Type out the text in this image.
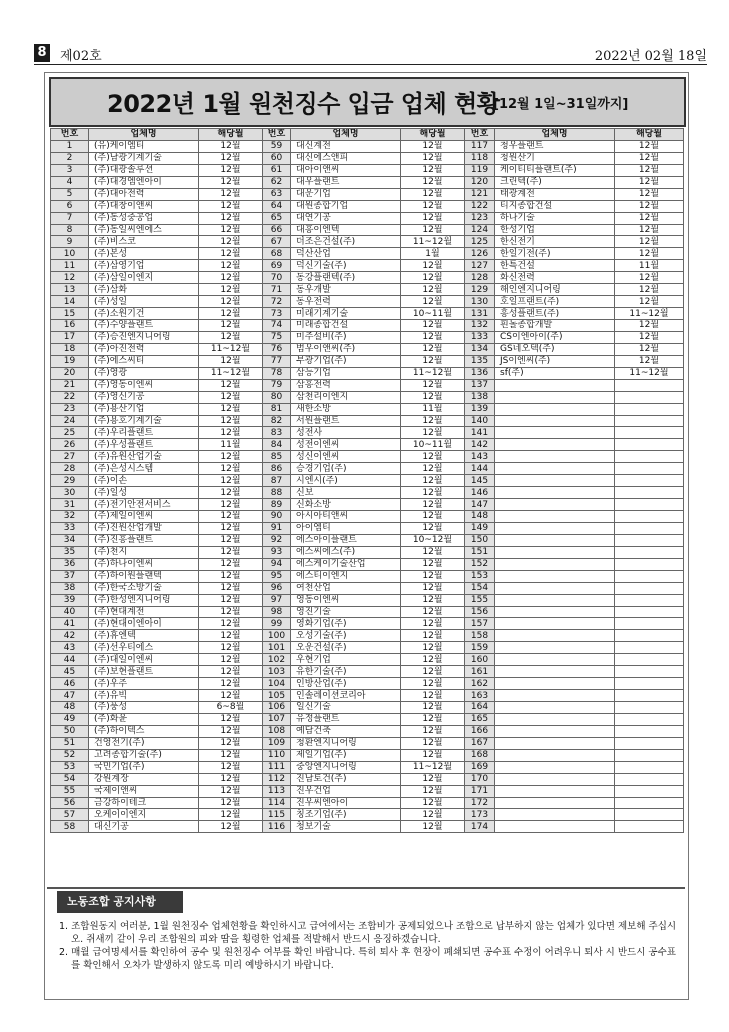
8 제02호	2022년 02월 18일
2022년 1월 원천징수 입금 업체 현황
[12월 1일~31일까지]
번호	업체명	해당월	번호	업체명	해당월	번호	업체명	해당월
1	(유)케이엠티	12월	59	대신계전	12월	117	청우플랜트	12월
2	(주)남광기계기술	12월	60	대신에스앤피	12월	118	청원산기	12월
3	(주)대광솔루션	12월	61	대아이앤씨	12월	119	케이티티플랜트(주)	12월
4	(주)대경엠엔아이	12월	62	대우플랜트	12월	120	크린텍(주)	12월
5	(주)대아전력	12월	63	대운기업	12월	121	태광계전	12월
6	(주)대창이앤씨	12월	64	대원종합기업	12월	122	티지종합건설	12월
7	(주)동성중공업	12월	65	대연기공	12월	123	하나기술	12월
8	(주)동일씨엔에스	12월	66	대흥이엔텍	12월	124	한성기업	12월
9	(주)비스코	12월	67	더조은건설(주)	11~12월	125	한신전기	12월
10	(주)본성	12월	68	덕산산업	1월	126	한일기전(주)	12월
11	(주)삼영기업	12월	69	덕신기술(주)	12월	127	한특건설	11월
12	(주)삼일이엔지	12월	70	동강플랜텍(주)	12월	128	화신전력	12월
13	(주)삼화	12월	71	동우개발	12월	129	해인엔지니어링	12월
14	(주)성일	12월	72	동우전력	12월	130	호일프랜트(주)	12월
15	(주)소원기건	12월	73	미래기계기술	10~11월	131	흥성플랜트(주)	11~12월
16	(주)수양플랜트	12월	74	미래종합건설	12월	132	흰돌종합개발	12월
17	(주)승진엔지니어링	12월	75	미주설비(주)	12월	133	CS이엔아이(주)	12월
18	(주)아진전력	11~12월	76	범우이앤씨(주)	12월	134	GS네오텍(주)	12월
19	(주)에스씨티	12월	77	부광기업(주)	12월	135	JS이엔씨(주)	12월
20	(주)영광	11~12월	78	삼능기업	11~12월	136	sf(주)	11~12월
21	(주)영동이엔씨	12월	79	삼흥전력	12월	137		
22	(주)영신기공	12월	80	삼천리이엔지	12월	138		
23	(주)용산기업	12월	81	새한소방	11월	139		
24	(주)용호기계기술	12월	82	서원플랜트	12월	140		
25	(주)우리플랜트	12월	83	성전사	12월	141		
26	(주)우성플랜트	11월	84	성전이엔씨	10~11월	142		
27	(주)유원산업기술	12월	85	성신이엔씨	12월	143		
28	(주)은성시스템	12월	86	승경기업(주)	12월	144		
29	(주)이손	12월	87	시엔시(주)	12월	145		
30	(주)일성	12월	88	신보	12월	146		
31	(주)전기안전서비스	12월	89	신화소방	12월	147		
32	(주)제일이엔씨	12월	90	아시아티앤씨	12월	148		
33	(주)진원산업개발	12월	91	아이엠티	12월	149		
34	(주)진흥플랜트	12월	92	에스아이플랜트	10~12월	150		
35	(주)천지	12월	93	에스씨에스(주)	12월	151		
36	(주)하나이엔씨	12월	94	에스케이기술산업	12월	152		
37	(주)하이원플랜텍	12월	95	에스티이엔지	12월	153		
38	(주)한국소방기술	12월	96	여천산업	12월	154		
39	(주)한성엔지니어링	12월	97	영동이엔씨	12월	155		
40	(주)현대계전	12월	98	영진기술	12월	156		
41	(주)현대이엔아이	12월	99	영화기업(주)	12월	157		
42	(주)휴엔텍	12월	100	오성기술(주)	12월	158		
43	(주)선우티에스	12월	101	오운건설(주)	12월	159		
44	(주)대일이엔씨	12월	102	우현기업	12월	160		
45	(주)보현플랜트	12월	103	유한기술(주)	12월	161		
46	(주)우주	12월	104	인방산업(주)	12월	162		
47	(주)유빅	12월	105	인솔레이션코리아	12월	163		
48	(주)풍성	6~8월	106	일신기술	12월	164		
49	(주)화윤	12월	107	유정플랜트	12월	165		
50	(주)하이텍스	12월	108	예담건축	12월	166		
51	건영전기(주)	12월	109	청환엔지니어링	12월	167		
52	고려종합기술(주)	12월	110	제일기업(주)	12월	168		
53	국민기업(주)	12월	111	중앙엔지니어링	11~12월	169		
54	강원계장	12월	112	진남토건(주)	12월	170		
55	국제이앤씨	12월	113	진우건업	12월	171		
56	금강하이테크	12월	114	진우씨엔아이	12월	172		
57	오케이이엔지	12월	115	칭조기업(주)	12월	173		
58	대신기공	12월	116	청보기술	12월	174		
노동조합 공지사항

1. 조합원동지 여러분, 1월 원천징수 업체현황을 확인하시고 급여에서는 조합비가 공제되었으나 조합으로 납부하지 않는 업체가 있다면 제보해 주십시오. 쥐새끼 같이 우리 조합원의 피와 땀을 횡령한 업체를 적발해서 반드시 응징하겠습니다.

2. 매월 급여명세서를 확인하여 공수 및 원천징수 여부를 확인 바랍니다. 특히 퇴사 후 현장이 폐쇄되면 공수표 수정이 어려우니 퇴사 시 반드시 공수표를 확인해서 오차가 발생하지 않도록 미리 예방하시기 바랍니다.
